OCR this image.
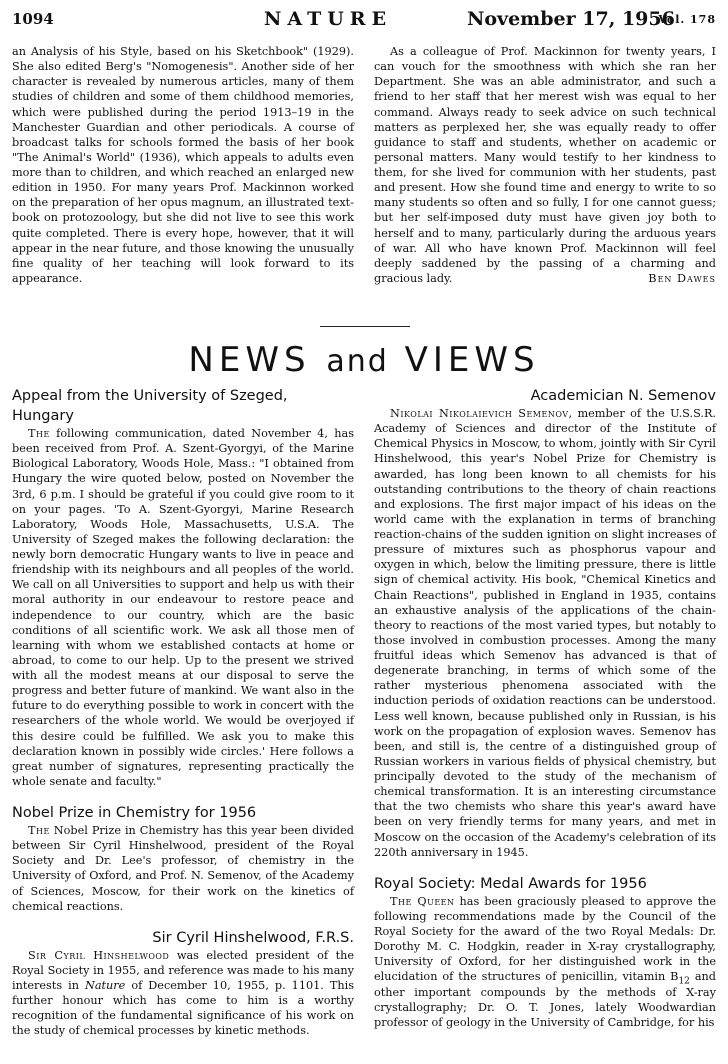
1094	NATURE	November 17, 1956
Vol. 178

an Analysis of his Style, based on his Sketchbook" (1929). She also edited Berg's "Nomogenesis". Another side of her character is revealed by numerous articles, many of them studies of children and some of them childhood memories, which were published during the period 1913–19 in the Manchester Guardian and other periodicals. A course of broadcast talks for schools formed the basis of her book "The Animal's World" (1936), which appeals to adults even more than to children, and which reached an enlarged new edition in 1950. For many years Prof. Mackinnon worked on the preparation of her opus magnum, an illustrated text-book on protozoology, but she did not live to see this work quite completed. There is every hope, however, that it will appear in the near future, and those knowing the unusually fine quality of her teaching will look forward to its appearance.

As a colleague of Prof. Mackinnon for twenty years, I can vouch for the smoothness with which she ran her Department. She was an able administrator, and such a friend to her staff that her merest wish was equal to her command. Always ready to seek advice on such technical matters as perplexed her, she was equally ready to offer guidance to staff and students, whether on academic or personal matters. Many would testify to her kindness to them, for she lived for communion with her students, past and present. How she found time and energy to write to so many students so often and so fully, I for one cannot guess; but her self-imposed duty must have given joy both to herself and to many, particularly during the arduous years of war. All who have known Prof. Mackinnon will feel deeply saddened by the passing of a charming and gracious lady.	Ben Dawes

NEWS and VIEWS

Appeal from the University of Szeged, Hungary

The following communication, dated November 4, has been received from Prof. A. Szent-Gyorgyi, of the Marine Biological Laboratory, Woods Hole, Mass.: "I obtained from Hungary the wire quoted below, posted on November the 3rd, 6 p.m. I should be grateful if you could give room to it on your pages. 'To A. Szent-Gyorgyi, Marine Research Laboratory, Woods Hole, Massachusetts, U.S.A. The University of Szeged makes the following declaration: the newly born democratic Hungary wants to live in peace and friendship with its neighbours and all peoples of the world. We call on all Universities to support and help us with their moral authority in our endeavour to restore peace and independence to our country, which are the basic conditions of all scientific work. We ask all those men of learning with whom we established contacts at home or abroad, to come to our help. Up to the present we strived with all the modest means at our disposal to serve the progress and better future of mankind. We want also in the future to do everything possible to work in concert with the researchers of the whole world. We would be overjoyed if this desire could be fulfilled. We ask you to make this declaration known in possibly wide circles.' Here follows a great number of signatures, representing practically the whole senate and faculty."

Nobel Prize in Chemistry for 1956

The Nobel Prize in Chemistry has this year been divided between Sir Cyril Hinshelwood, president of the Royal Society and Dr. Lee's professor, of chemistry in the University of Oxford, and Prof. N. Semenov, of the Academy of Sciences, Moscow, for their work on the kinetics of chemical reactions.

Sir Cyril Hinshelwood, F.R.S.

Sir Cyril Hinshelwood was elected president of the Royal Society in 1955, and reference was made to his many interests in Nature of December 10, 1955, p. 1101. This further honour which has come to him is a worthy recognition of the fundamental significance of his work on the study of chemical processes by kinetic methods.

Academician N. Semenov

Nikolai Nikolaievich Semenov, member of the U.S.S.R. Academy of Sciences and director of the Institute of Chemical Physics in Moscow, to whom, jointly with Sir Cyril Hinshelwood, this year's Nobel Prize for Chemistry is awarded, has long been known to all chemists for his outstanding contributions to the theory of chain reactions and explosions. The first major impact of his ideas on the world came with the explanation in terms of branching reaction-chains of the sudden ignition on slight increases of pressure of mixtures such as phosphorus vapour and oxygen in which, below the limiting pressure, there is little sign of chemical activity. His book, "Chemical Kinetics and Chain Reactions", published in England in 1935, contains an exhaustive analysis of the applications of the chain-theory to reactions of the most varied types, but notably to those involved in combustion processes. Among the many fruitful ideas which Semenov has advanced is that of degenerate branching, in terms of which some of the rather mysterious phenomena associated with the induction periods of oxidation reactions can be understood. Less well known, because published only in Russian, is his work on the propagation of explosion waves. Semenov has been, and still is, the centre of a distinguished group of Russian workers in various fields of physical chemistry, but principally devoted to the study of the mechanism of chemical transformation. It is an interesting circumstance that the two chemists who share this year's award have been on very friendly terms for many years, and met in Moscow on the occasion of the Academy's celebration of its 220th anniversary in 1945.

Royal Society: Medal Awards for 1956

The Queen has been graciously pleased to approve the following recommendations made by the Council of the Royal Society for the award of the two Royal Medals: Dr. Dorothy M. C. Hodgkin, reader in X-ray crystallography, University of Oxford, for her distinguished work in the elucidation of the structures of penicillin, vitamin $B_{12}$ and other important compounds by the methods of X-ray crystallography; Dr. O. T. Jones, lately Woodwardian professor of geology in the University of Cambridge, for his
